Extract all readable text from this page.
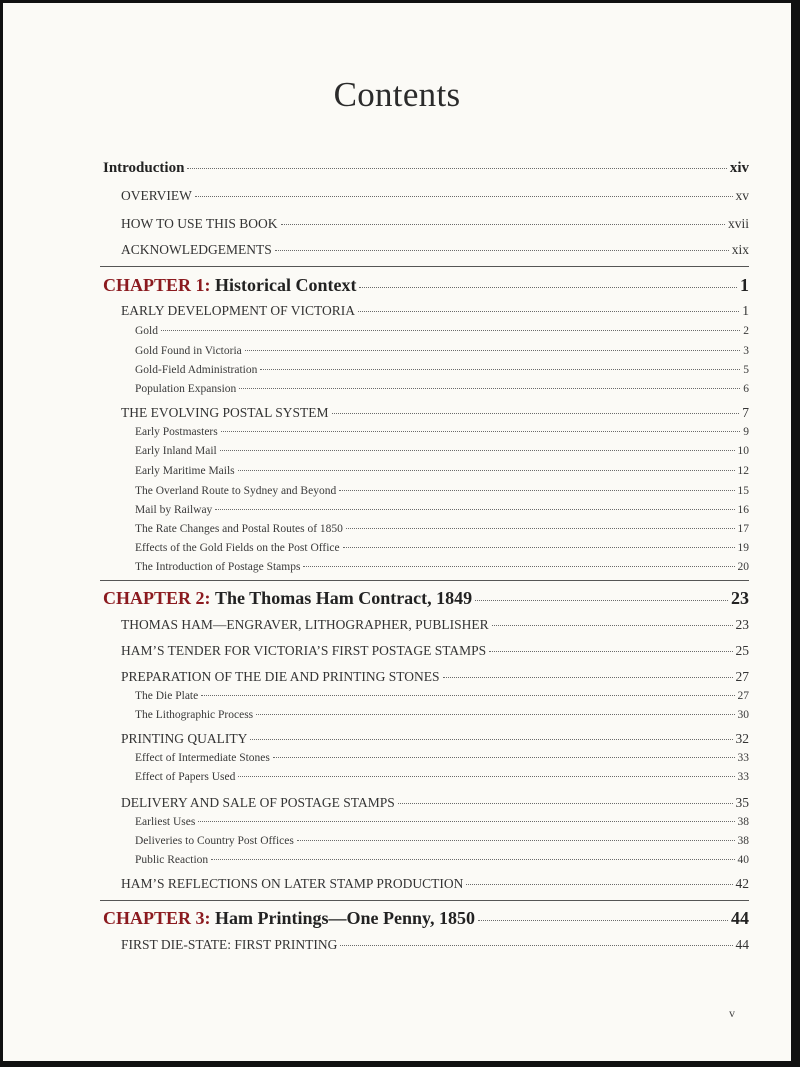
Contents
Introduction	xiv
OVERVIEW	xv
HOW TO USE THIS BOOK	xvii
ACKNOWLEDGEMENTS	xix
CHAPTER 1:
Historical Context	1
EARLY DEVELOPMENT OF VICTORIA	1
Gold	2
Gold Found in Victoria	3
Gold-Field Administration	5
Population Expansion	6
THE EVOLVING POSTAL SYSTEM	7
Early Postmasters	9
Early Inland Mail	10
Early Maritime Mails	12
The Overland Route to Sydney and Beyond	15
Mail by Railway	16
The Rate Changes and Postal Routes of 1850	17
Effects of the Gold Fields on the Post Office	19
The Introduction of Postage Stamps	20
CHAPTER 2:
The Thomas Ham Contract, 1849	23
THOMAS HAM—ENGRAVER, LITHOGRAPHER, PUBLISHER	23
HAM’S TENDER FOR VICTORIA’S FIRST POSTAGE STAMPS	25
PREPARATION OF THE DIE AND PRINTING STONES	27
The Die Plate	27
The Lithographic Process	30
PRINTING QUALITY	32
Effect of Intermediate Stones	33
Effect of Papers Used	33
DELIVERY AND SALE OF POSTAGE STAMPS	35
Earliest Uses	38
Deliveries to Country Post Offices	38
Public Reaction	40
HAM’S REFLECTIONS ON LATER STAMP PRODUCTION	42
CHAPTER 3:
Ham Printings—One Penny, 1850	44
FIRST DIE-STATE: FIRST PRINTING	44
v
